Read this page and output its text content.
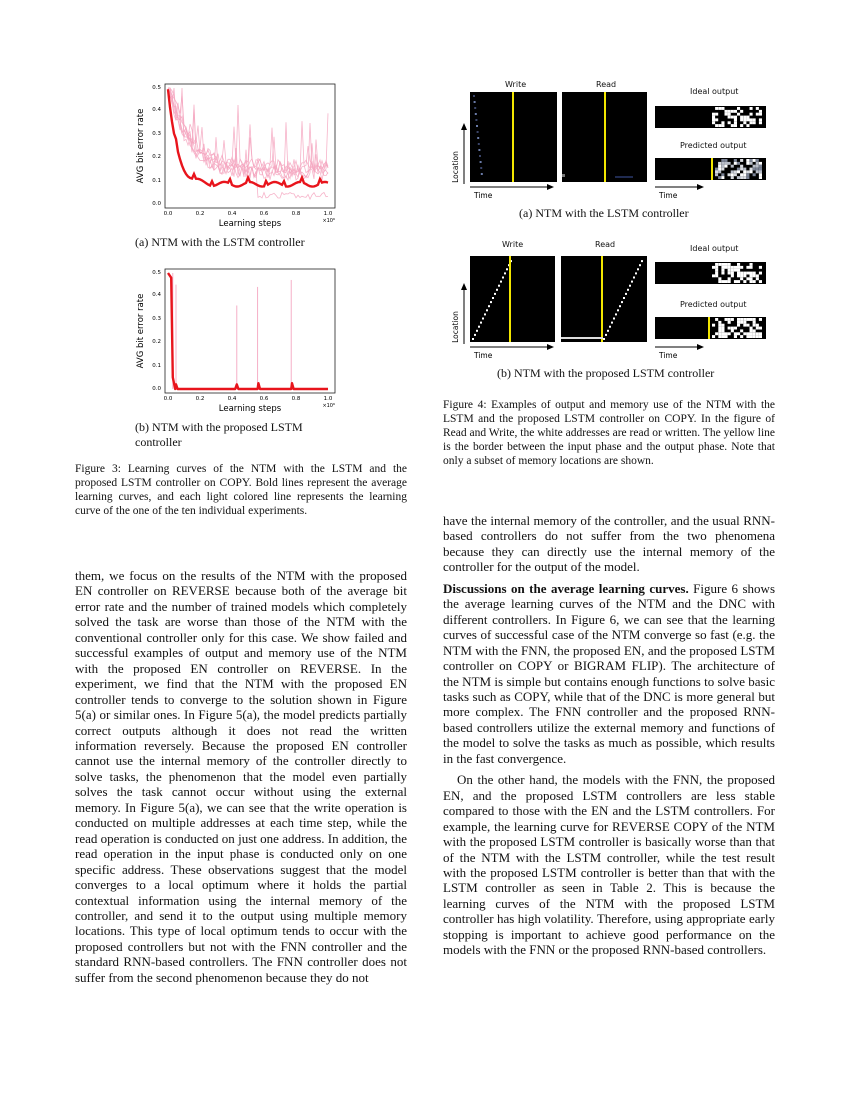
AVG bit error rate
Learning steps
0.0
0.1
0.2
0.3
0.4
0.5
0.0	0.2	0.4	0.6	0.8	1.0
×10⁶
(a) NTM with the LSTM controller
AVG bit error rate
Learning steps
0.0
0.1
0.2
0.3
0.4
0.5
0.0	0.2	0.4	0.6	0.8	1.0
×10⁶
(b) NTM with the proposed LSTM controller
Figure 3: Learning curves of the NTM with the LSTM and the proposed LSTM controller on COPY. Bold lines represent the average learning curves, and each light colored line represents the learning curve of the one of the ten individual experiments.
Write	Read
Ideal output
Predicted output
Location
Time	Time
(a) NTM with the LSTM controller
Write	Read	Ideal output
Predicted output
Location
Time	Time
(b) NTM with the proposed LSTM controller
Figure 4: Examples of output and memory use of the NTM with the LSTM and the proposed LSTM controller on COPY. In the figure of Read and Write, the white addresses are read or written. The yellow line is the border between the input phase and the output phase. Note that only a subset of memory locations are shown.

them, we focus on the results of the NTM with the proposed EN controller on REVERSE because both of the average bit error rate and the number of trained models which completely solved the task are worse than those of the NTM with the conventional controller only for this case. We show failed and successful examples of output and memory use of the NTM with the proposed EN controller on REVERSE. In the experiment, we find that the NTM with the proposed EN controller tends to converge to the solution shown in Figure 5(a) or similar ones. In Figure 5(a), the model predicts partially correct outputs although it does not read the written information reversely. Because the proposed EN controller cannot use the internal memory of the controller directly to solve tasks, the phenomenon that the model even partially solves the task cannot occur without using the external memory. In Figure 5(a), we can see that the write operation is conducted on multiple addresses at each time step, while the read operation is conducted on just one address. In addition, the read operation in the input phase is conducted only on one specific address. These observations suggest that the model converges to a local optimum where it holds the partial contextual information using the internal memory of the controller, and send it to the output using multiple memory locations. This type of local optimum tends to occur with the proposed controllers but not with the FNN controller and the standard RNN-based controllers. The FNN controller does not suffer from the second phenomenon because they do not

have the internal memory of the controller, and the usual RNN-based controllers do not suffer from the two phenomena because they can directly use the internal memory of the controller for the output of the model.

Discussions on the average learning curves. Figure 6 shows the average learning curves of the NTM and the DNC with different controllers. In Figure 6, we can see that the learning curves of successful case of the NTM converge so fast (e.g. the NTM with the FNN, the proposed EN, and the proposed LSTM controller on COPY or BIGRAM FLIP). The architecture of the NTM is simple but contains enough functions to solve basic tasks such as COPY, while that of the DNC is more general but more complex. The FNN controller and the proposed RNN-based controllers utilize the external memory and functions of the model to solve the tasks as much as possible, which results in the fast convergence.

On the other hand, the models with the FNN, the proposed EN, and the proposed LSTM controllers are less stable compared to those with the EN and the LSTM controllers. For example, the learning curve for REVERSE COPY of the NTM with the proposed LSTM controller is basically worse than that of the NTM with the LSTM controller, while the test result with the proposed LSTM controller is better than that with the LSTM controller as seen in Table 2. This is because the learning curves of the NTM with the proposed LSTM controller has high volatility. Therefore, using appropriate early stopping is important to achieve good performance on the models with the FNN or the proposed RNN-based controllers.
